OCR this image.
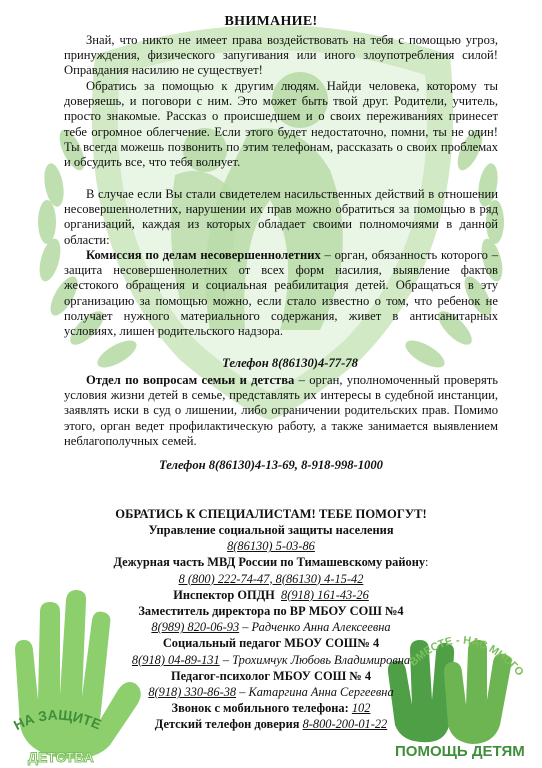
ВНИМАНИЕ!
Знай, что никто не имеет права воздействовать на тебя с помощью угроз, принуждения, физического запугивания или иного злоупотребления силой! Оправдания насилию не существует!
Обратись за помощью к другим людям. Найди человека, которому ты доверяешь, и поговори с ним. Это может быть твой друг. Родители, учитель, просто знакомые. Рассказ о происшедшем и о своих переживаниях принесет тебе огромное облегчение. Если этого будет недостаточно, помни, ты не один! Ты всегда можешь позвонить по этим телефонам, рассказать о своих проблемах и обсудить все, что тебя волнует.
В случае если Вы стали свидетелем насильственных действий в отношении несовершеннолетних, нарушении их прав можно обратиться за помощью в ряд организаций, каждая из которых обладает своими полномочиями в данной области:
Комиссия по делам несовершеннолетних – орган, обязанность которого – защита несовершеннолетних от всех форм насилия, выявление фактов жестокого обращения и социальная реабилитация детей. Обращаться в эту организацию за помощью можно, если стало известно о том, что ребенок не получает нужного материального содержания, живет в антисанитарных условиях, лишен родительского надзора.
Телефон 8(86130)4-77-78
Отдел по вопросам семьи и детства – орган, уполномоченный проверять условия жизни детей в семье, представлять их интересы в судебной инстанции, заявлять иски в суд о лишении, либо ограничении родительских прав. Помимо этого, орган ведет профилактическую работу, а также занимается выявлением неблагополучных семей.
Телефон 8(86130)4-13-69, 8-918-998-1000
ОБРАТИСЬ К СПЕЦИАЛИСТАМ! ТЕБЕ ПОМОГУТ!
Управление социальной защиты населения
8(86130) 5-03-86
Дежурная часть МВД России по Тимашевскому району:
8 (800) 222-74-47, 8(86130) 4-15-42
Инспектор ОПДН 8(918) 161-43-26
Заместитель директора по ВР МБОУ СОШ №4
8(989) 820-06-93 – Радченко Анна Алексеевна
Социальный педагог МБОУ СОШ№ 4
8(918) 04-89-131 – Трохимчук Любовь Владимировна
Педагог-психолог МБОУ СОШ № 4
8(918) 330-86-38 – Катаргина Анна Сергеевна
Звонок с мобильного телефона: 102
Детский телефон доверия 8-800-200-01-22
НА ЗАЩИТЕ
ДЕТСТВА
ВМЕСТЕ - НАС МНОГО
ПОМОЩЬ ДЕТЯМ
